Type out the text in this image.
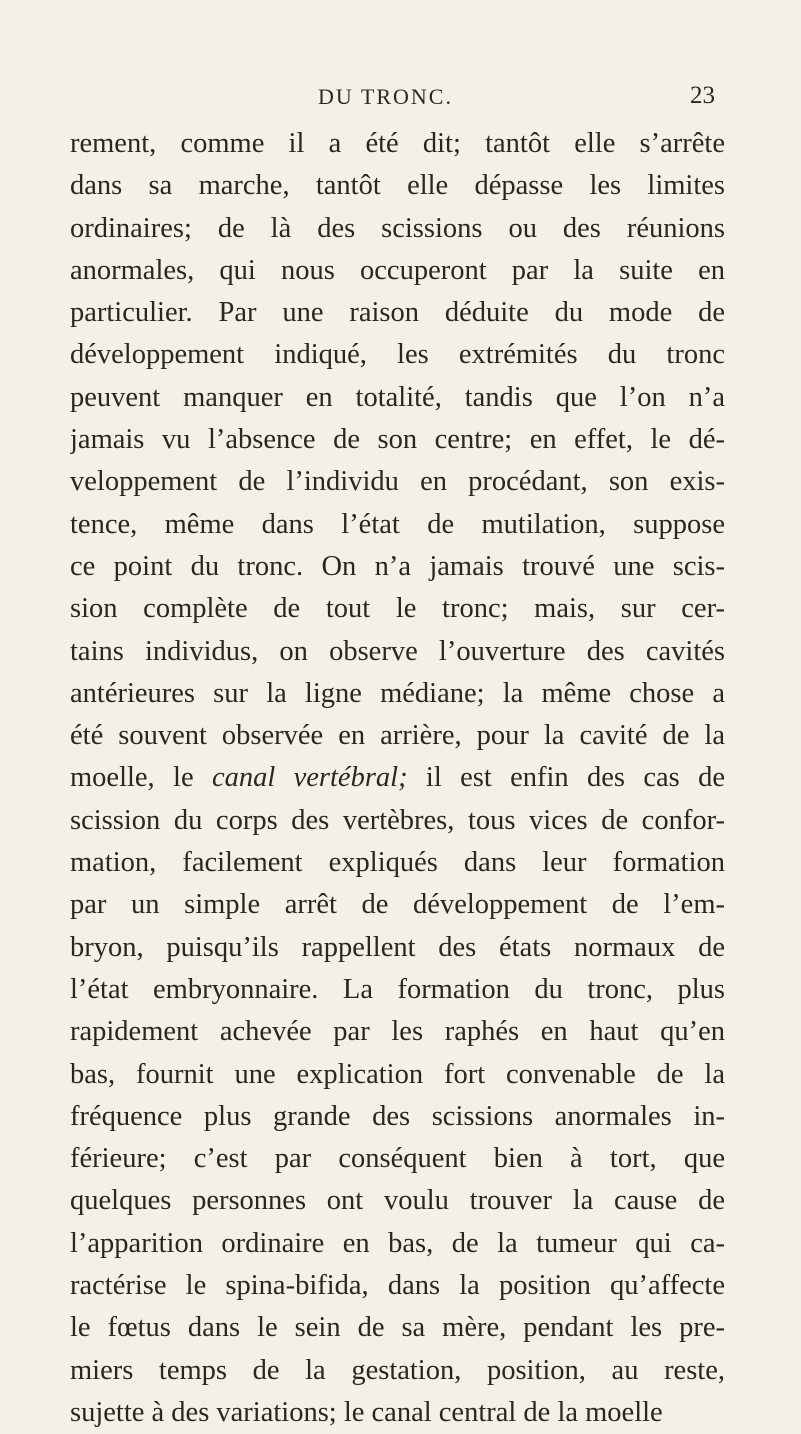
DU TRONC.	23
rement, comme il a été dit; tantôt elle s’arrête
dans sa marche, tantôt elle dépasse les limites
ordinaires; de là des scissions ou des réunions
anormales, qui nous occuperont par la suite en
particulier. Par une raison déduite du mode de
développement indiqué, les extrémités du tronc
peuvent manquer en totalité, tandis que l’on n’a
jamais vu l’absence de son centre; en effet, le dé-
veloppement de l’individu en procédant, son exis-
tence, même dans l’état de mutilation, suppose
ce point du tronc. On n’a jamais trouvé une scis-
sion complète de tout le tronc; mais, sur cer-
tains individus, on observe l’ouverture des cavités
antérieures sur la ligne médiane; la même chose a
été souvent observée en arrière, pour la cavité de la
moelle, le canal vertébral; il est enfin des cas de
scission du corps des vertèbres, tous vices de confor-
mation, facilement expliqués dans leur formation
par un simple arrêt de développement de l’em-
bryon, puisqu’ils rappellent des états normaux de
l’état embryonnaire. La formation du tronc, plus
rapidement achevée par les raphés en haut qu’en
bas, fournit une explication fort convenable de la
fréquence plus grande des scissions anormales in-
férieure; c’est par conséquent bien à tort, que
quelques personnes ont voulu trouver la cause de
l’apparition ordinaire en bas, de la tumeur qui ca-
ractérise le spina-bifida, dans la position qu’affecte
le fœtus dans le sein de sa mère, pendant les pre-
miers temps de la gestation, position, au reste,
sujette à des variations; le canal central de la moelle
